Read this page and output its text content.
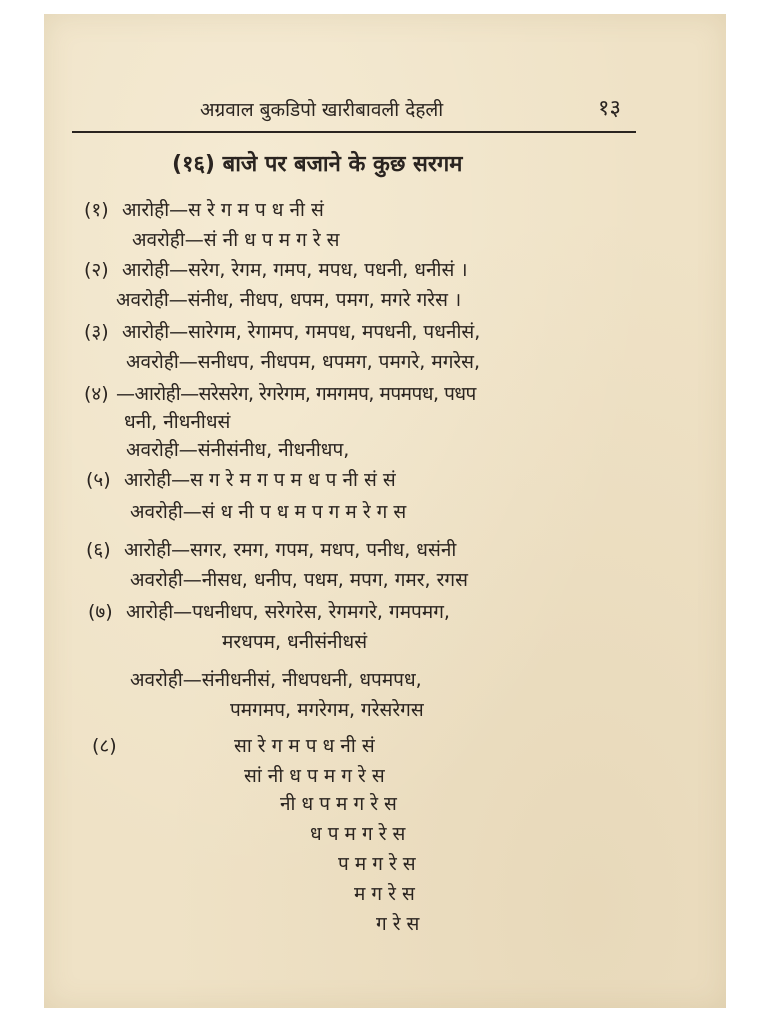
अग्रवाल बुकडिपो खारीबावली देहली	१३
(१६) बाजे पर बजाने के कुछ सरगम
(१) आरोही—स रे ग म प ध नी सं
अवरोही—सं नी ध प म ग रे स
(२) आरोही—सरेग, रेगम, गमप, मपध, पधनी, धनीसं ।
अवरोही—संनीध, नीधप, धपम, पमग, मगरे गरेस ।
(३) आरोही—सारेगम, रेगामप, गमपध, मपधनी, पधनीसं,
अवरोही—सनीधप, नीधपम, धपमग, पमगरे, मगरेस,
(४) —आरोही—सरेसरेग, रेगरेगम, गमगमप, मपमपध, पधप
धनी, नीधनीधसं
अवरोही—संनीसंनीध, नीधनीधप,
(५) आरोही—स ग रे म ग प म ध प नी सं सं
अवरोही—सं ध नी प ध म प ग म रे ग स
(६) आरोही—सगर, रमग, गपम, मधप, पनीध, धसंनी
अवरोही—नीसध, धनीप, पधम, मपग, गमर, रगस
(७) आरोही—पधनीधप, सरेगरेस, रेगमगरे, गमपमग,
मरधपम, धनीसंनीधसं
अवरोही—संनीधनीसं, नीधपधनी, धपमपध,
पमगमप, मगरेगम, गरेसरेगस
(८)	सा रे ग म प ध नी सं
सां नी ध प म ग रे स
नी ध प म ग रे स
ध प म ग रे स
प म ग रे स
म ग रे स
ग रे स
